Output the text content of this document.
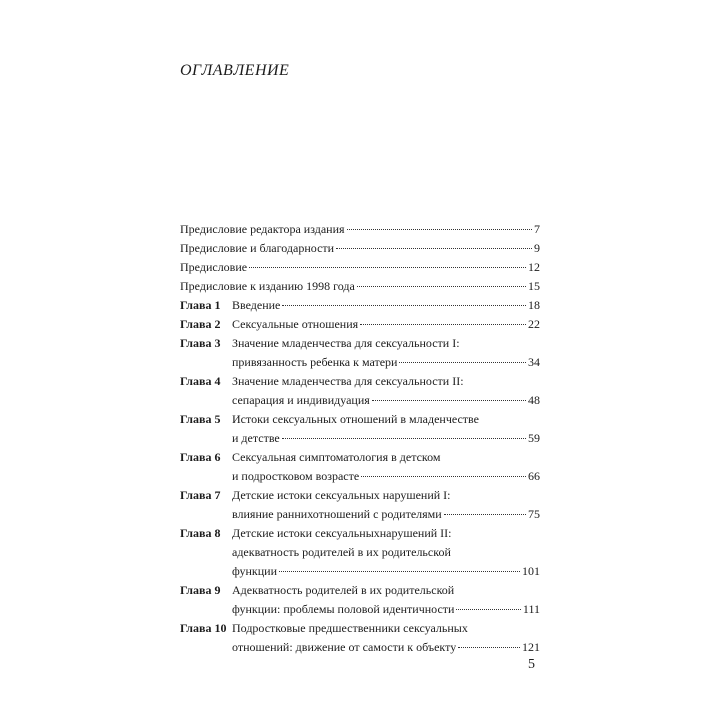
ОГЛАВЛЕНИЕ
Предисловие редактора издания	7
Предисловие и благодарности	9
Предисловие	12
Предисловие к изданию 1998 года	15
Глава 1 Введение	18
Глава 2 Сексуальные отношения	22
Глава 3 Значение младенчества для сексуальности I:
привязанность ребенка к матери	34
Глава 4 Значение младенчества для сексуальности II:
сепарация и индивидуация	48
Глава 5 Истоки сексуальных отношений в младенчестве
и детстве	59
Глава 6 Сексуальная симптоматология в детском
и подростковом возрасте	66
Глава 7 Детские истоки сексуальных нарушений I:
влияние раннихотношений с родителями	75
Глава 8 Детские истоки сексуальныхнарушений II:
адекватность родителей в их родительской
функции	101
Глава 9 Адекватность родителей в их родительской
функции: проблемы половой идентичности	111
Глава 10 Подростковые предшественники сексуальных
отношений: движение от самости к объекту	121
5
